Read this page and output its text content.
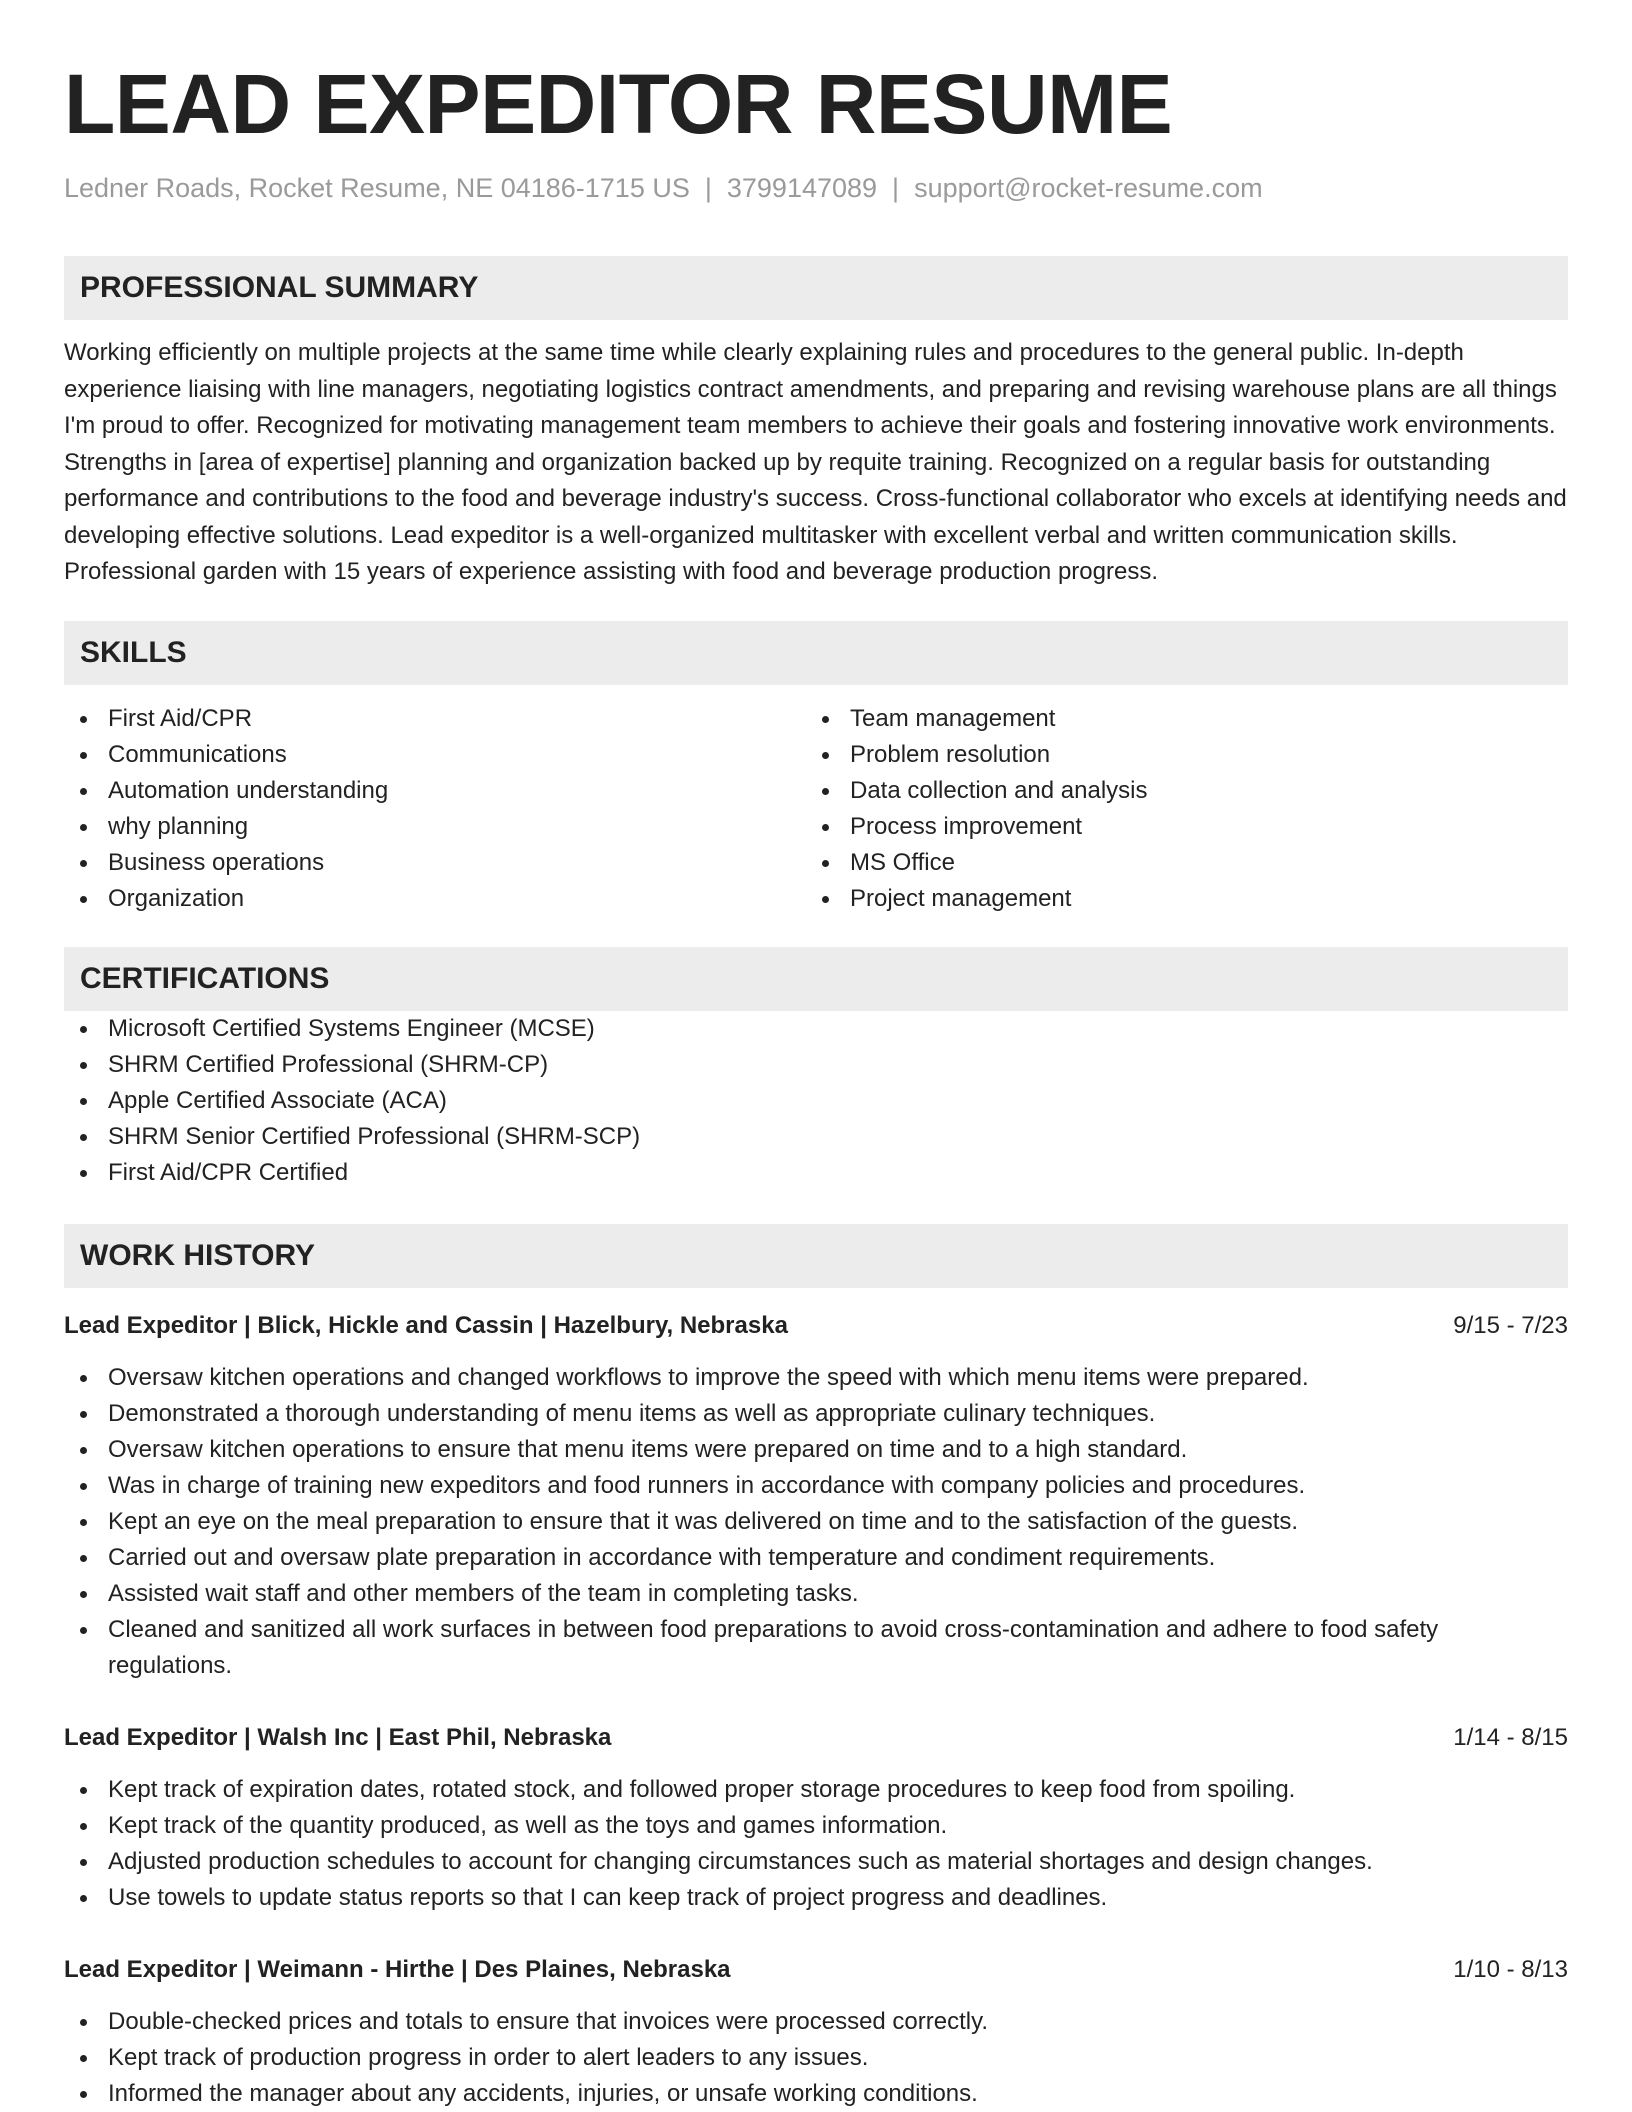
LEAD EXPEDITOR RESUME
Ledner Roads, Rocket Resume, NE 04186-1715 US | 3799147089 | support@rocket-resume.com
PROFESSIONAL SUMMARY

Working efficiently on multiple projects at the same time while clearly explaining rules and procedures to the general public. In-depth experience liaising with line managers, negotiating logistics contract amendments, and preparing and revising warehouse plans are all things I'm proud to offer. Recognized for motivating management team members to achieve their goals and fostering innovative work environments. Strengths in [area of expertise] planning and organization backed up by requite training. Recognized on a regular basis for outstanding performance and contributions to the food and beverage industry's success. Cross-functional collaborator who excels at identifying needs and developing effective solutions. Lead expeditor is a well-organized multitasker with excellent verbal and written communication skills. Professional garden with 15 years of experience assisting with food and beverage production progress.

SKILLS
First Aid/CPR
Communications
Automation understanding
why planning
Business operations
Organization
Team management
Problem resolution
Data collection and analysis
Process improvement
MS Office
Project management
CERTIFICATIONS
Microsoft Certified Systems Engineer (MCSE)
SHRM Certified Professional (SHRM-CP)
Apple Certified Associate (ACA)
SHRM Senior Certified Professional (SHRM-SCP)
First Aid/CPR Certified
WORK HISTORY
Lead Expeditor | Blick, Hickle and Cassin | Hazelbury, Nebraska	9/15 - 7/23
Oversaw kitchen operations and changed workflows to improve the speed with which menu items were prepared.
Demonstrated a thorough understanding of menu items as well as appropriate culinary techniques.
Oversaw kitchen operations to ensure that menu items were prepared on time and to a high standard.
Was in charge of training new expeditors and food runners in accordance with company policies and procedures.
Kept an eye on the meal preparation to ensure that it was delivered on time and to the satisfaction of the guests.
Carried out and oversaw plate preparation in accordance with temperature and condiment requirements.
Assisted wait staff and other members of the team in completing tasks.
Cleaned and sanitized all work surfaces in between food preparations to avoid cross-contamination and adhere to food safety regulations.
Lead Expeditor | Walsh Inc | East Phil, Nebraska	1/14 - 8/15
Kept track of expiration dates, rotated stock, and followed proper storage procedures to keep food from spoiling.
Kept track of the quantity produced, as well as the toys and games information.
Adjusted production schedules to account for changing circumstances such as material shortages and design changes.
Use towels to update status reports so that I can keep track of project progress and deadlines.
Lead Expeditor | Weimann - Hirthe | Des Plaines, Nebraska	1/10 - 8/13
Double-checked prices and totals to ensure that invoices were processed correctly.
Kept track of production progress in order to alert leaders to any issues.
Informed the manager about any accidents, injuries, or unsafe working conditions.
